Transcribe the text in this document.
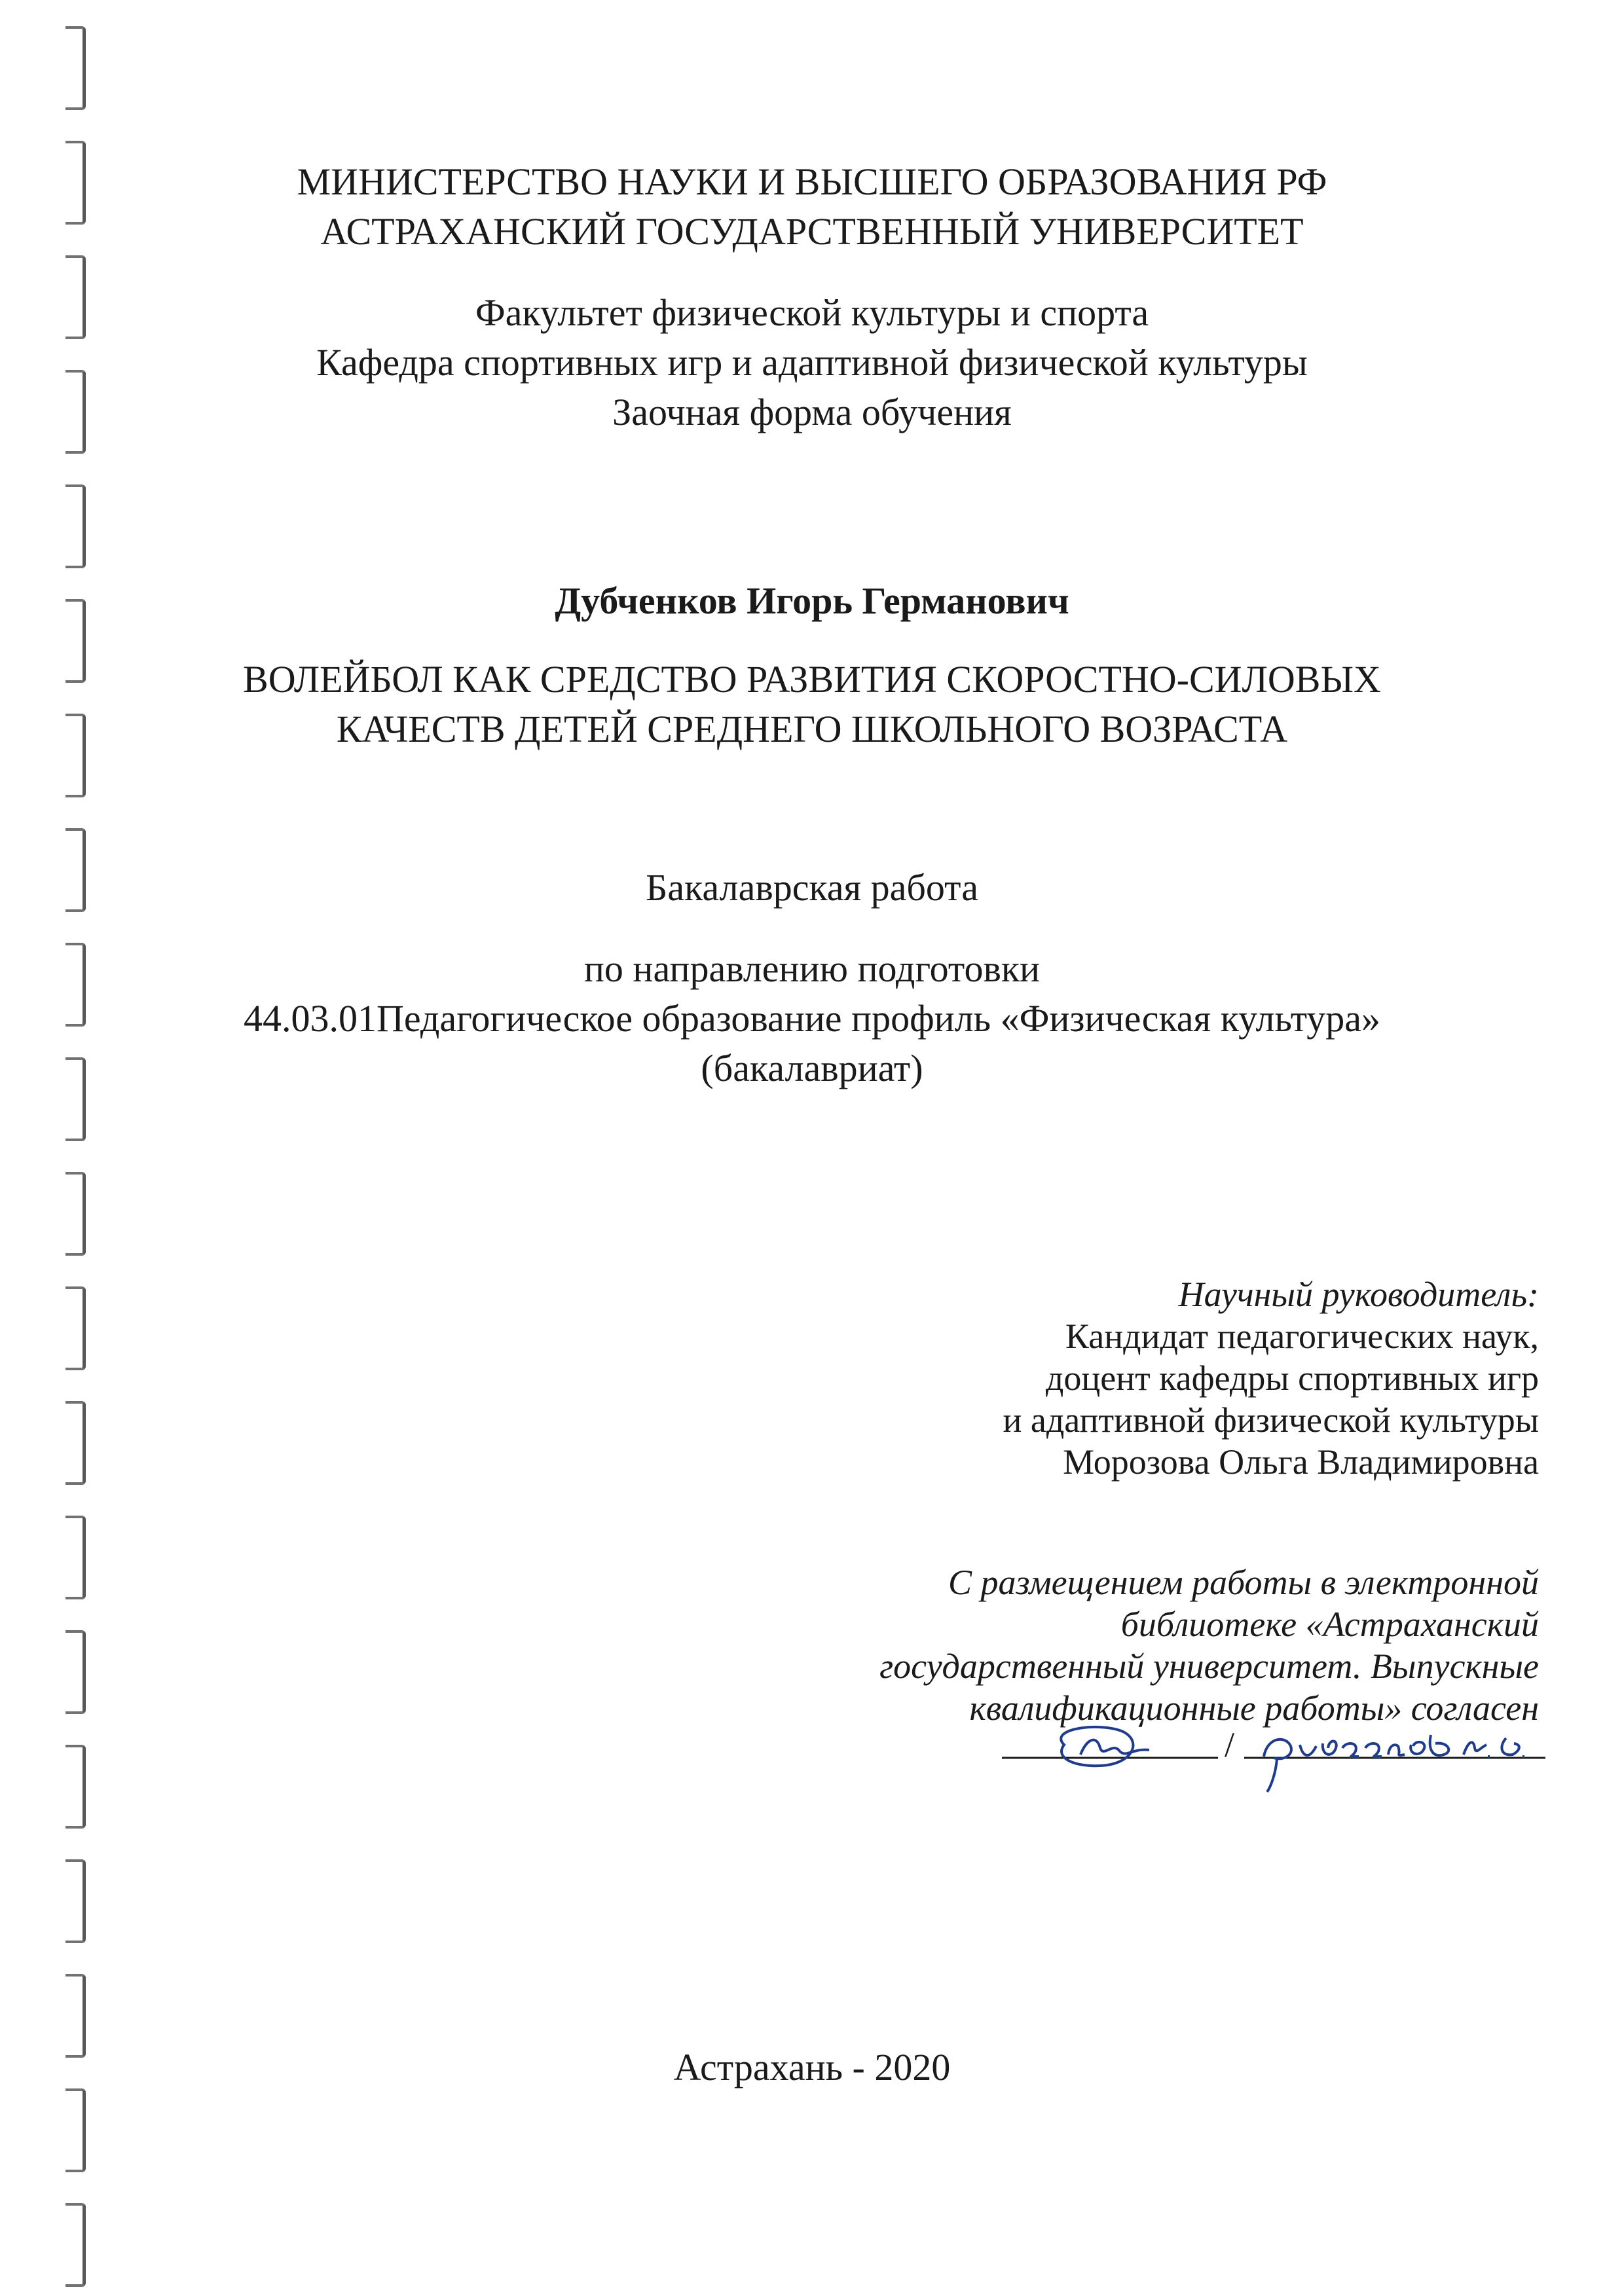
МИНИСТЕРСТВО НАУКИ И ВЫСШЕГО ОБРАЗОВАНИЯ РФ
АСТРАХАНСКИЙ ГОСУДАРСТВЕННЫЙ УНИВЕРСИТЕТ
Факультет физической культуры и спорта
Кафедра спортивных игр и адаптивной физической культуры
Заочная форма обучения
Дубченков Игорь Германович
ВОЛЕЙБОЛ КАК СРЕДСТВО РАЗВИТИЯ СКОРОСТНО-СИЛОВЫХ
КАЧЕСТВ ДЕТЕЙ СРЕДНЕГО ШКОЛЬНОГО ВОЗРАСТА
Бакалаврская работа
по направлению подготовки
44.03.01Педагогическое образование профиль «Физическая культура»
(бакалавриат)
Научный руководитель:
Кандидат педагогических наук,
доцент кафедры спортивных игр
и адаптивной физической культуры
Морозова Ольга Владимировна
С размещением работы в электронной
библиотеке «Астраханский
государственный университет. Выпускные
квалификационные работы» согласен
/
Астрахань - 2020
